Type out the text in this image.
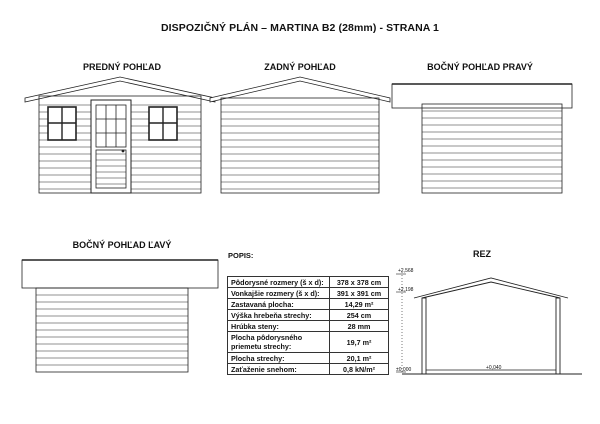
DISPOZIČNÝ PLÁN – MARTINA B2 (28mm) - STRANA 1
PREDNÝ POHĽAD	ZADNÝ POHĽAD	BOČNÝ POHĽAD PRAVÝ
BOČNÝ POHĽAD ĽAVÝ
REZ
+2,568
+2,198
±0,000	+0,040
POPIS:
Pôdorysné rozmery (š x d):	378 x 378 cm
Vonkajšie rozmery (š x d):	391 x 391 cm
Zastavaná plocha:	14,29 m²
Výška hrebeňa strechy:	254 cm
Hrúbka steny:	28 mm
Plocha pôdorysného priemetu strechy:	19,7 m²
Plocha strechy:	20,1 m²
Zaťaženie snehom:	0,8 kN/m²
